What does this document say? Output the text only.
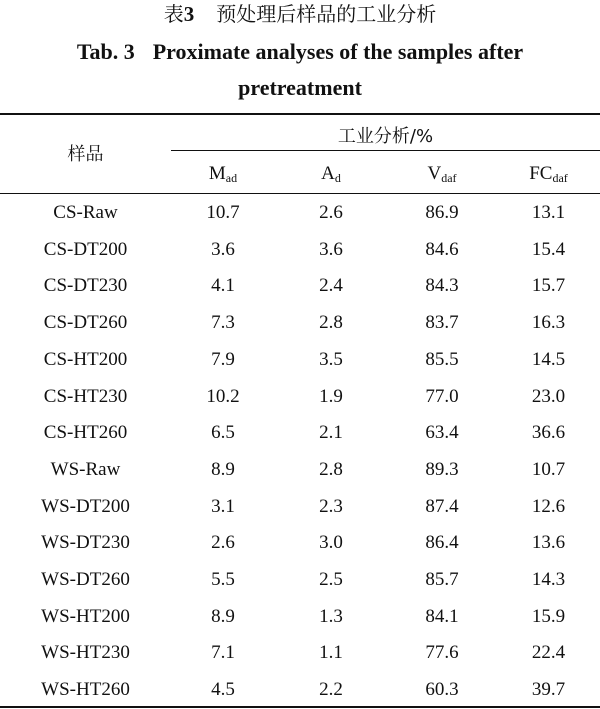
表3 预处理后样品的工业分析
Tab. 3 Proximate analyses of the samples after
pretreatment
样品
工业分析/%
$M_{ad}$	$A_d$	$V_{daf}$	$FC_{daf}$
CS-Raw	10.7	2.6	86.9	13.1
CS-DT200	3.6	3.6	84.6	15.4
CS-DT230	4.1	2.4	84.3	15.7
CS-DT260	7.3	2.8	83.7	16.3
CS-HT200	7.9	3.5	85.5	14.5
CS-HT230	10.2	1.9	77.0	23.0
CS-HT260	6.5	2.1	63.4	36.6
WS-Raw	8.9	2.8	89.3	10.7
WS-DT200	3.1	2.3	87.4	12.6
WS-DT230	2.6	3.0	86.4	13.6
WS-DT260	5.5	2.5	85.7	14.3
WS-HT200	8.9	1.3	84.1	15.9
WS-HT230	7.1	1.1	77.6	22.4
WS-HT260	4.5	2.2	60.3	39.7
